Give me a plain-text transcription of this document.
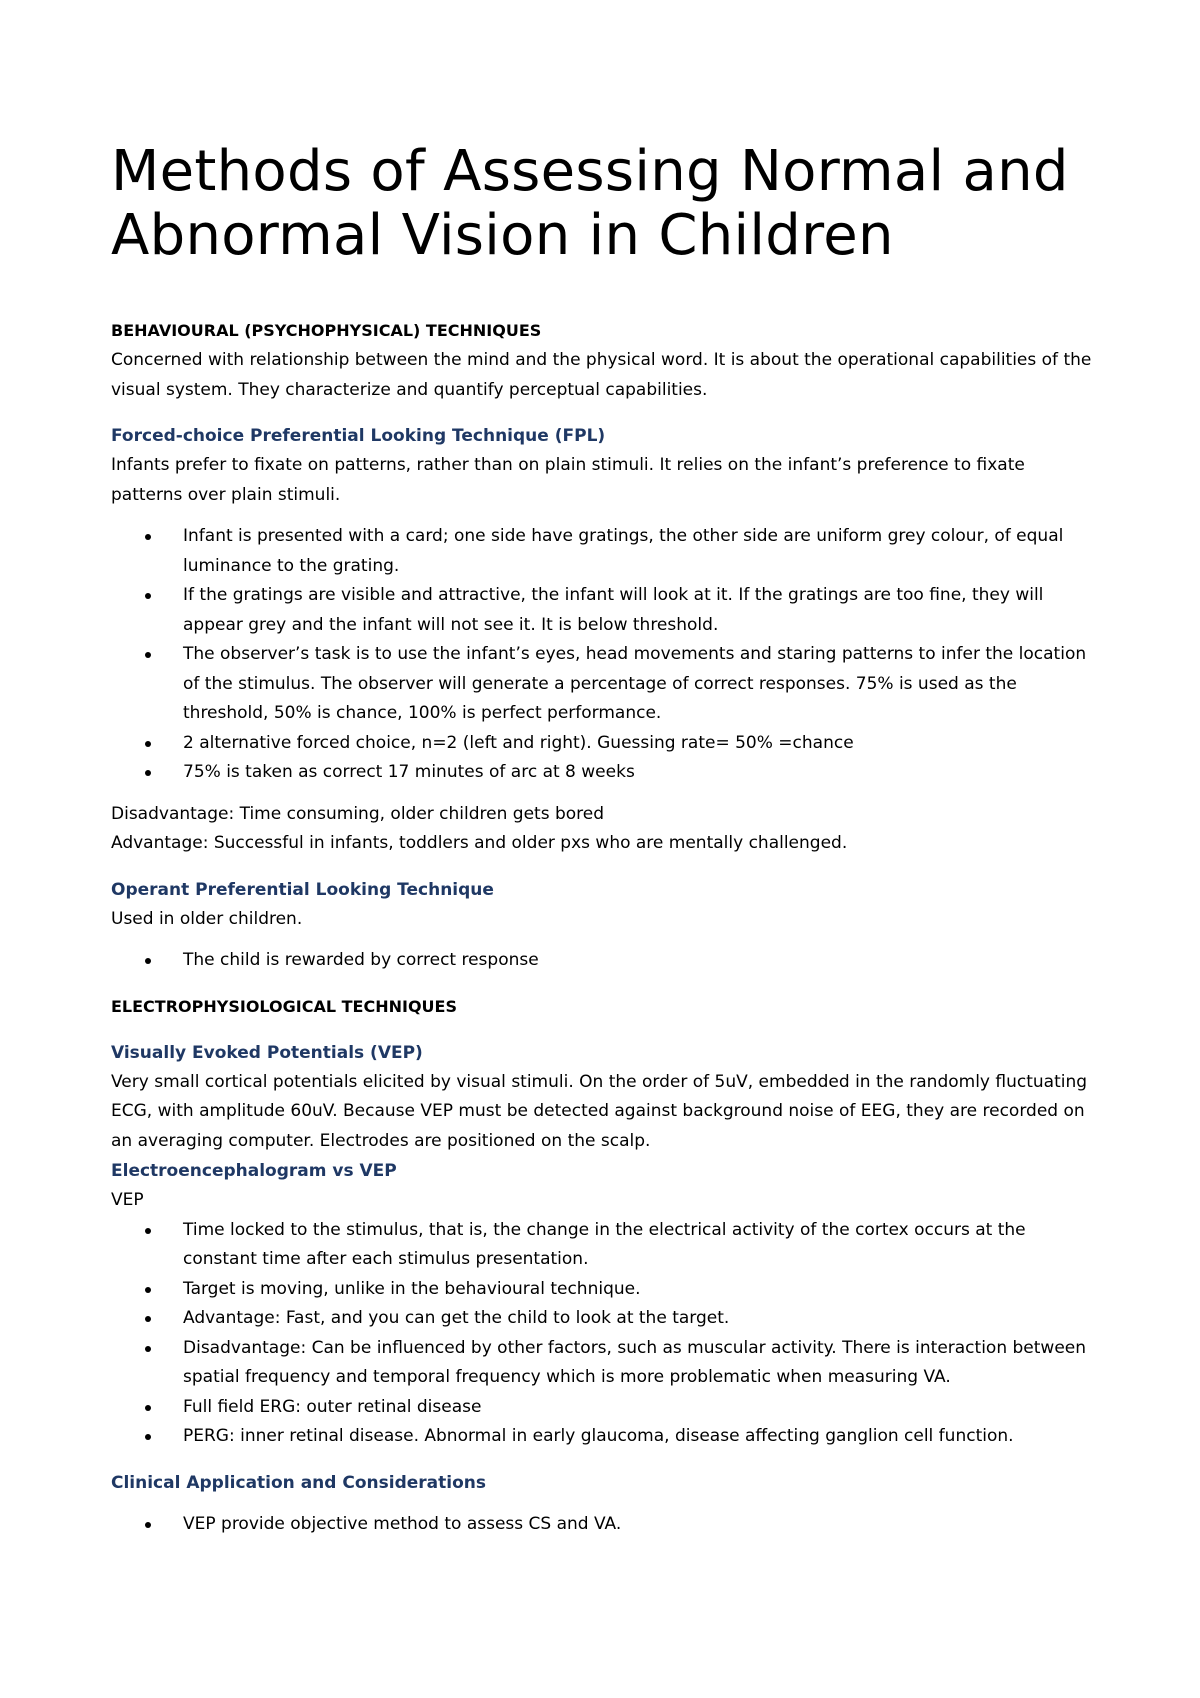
Methods of Assessing Normal and
Abnormal Vision in Children
BEHAVIOURAL (PSYCHOPHYSICAL) TECHNIQUES

Concerned with relationship between the mind and the physical word. It is about the operational capabilities of the visual system. They characterize and quantify perceptual capabilities.

Forced-choice Preferential Looking Technique (FPL)

Infants prefer to fixate on patterns, rather than on plain stimuli. It relies on the infant’s preference to fixate patterns over plain stimuli.

Infant is presented with a card; one side have gratings, the other side are uniform grey colour, of equal luminance to the grating.
If the gratings are visible and attractive, the infant will look at it. If the gratings are too fine, they will appear grey and the infant will not see it. It is below threshold.
The observer’s task is to use the infant’s eyes, head movements and staring patterns to infer the location of the stimulus. The observer will generate a percentage of correct responses. 75% is used as the threshold, 50% is chance, 100% is perfect performance.
2 alternative forced choice, n=2 (left and right). Guessing rate= 50% =chance
75% is taken as correct 17 minutes of arc at 8 weeks

Disadvantage: Time consuming, older children gets bored

Advantage: Successful in infants, toddlers and older pxs who are mentally challenged.

Operant Preferential Looking Technique

Used in older children.

The child is rewarded by correct response
ELECTROPHYSIOLOGICAL TECHNIQUES
Visually Evoked Potentials (VEP)

Very small cortical potentials elicited by visual stimuli. On the order of 5uV, embedded in the randomly fluctuating ECG, with amplitude 60uV. Because VEP must be detected against background noise of EEG, they are recorded on an averaging computer. Electrodes are positioned on the scalp.

Electroencephalogram vs VEP

VEP

Time locked to the stimulus, that is, the change in the electrical activity of the cortex occurs at the constant time after each stimulus presentation.
Target is moving, unlike in the behavioural technique.
Advantage: Fast, and you can get the child to look at the target.
Disadvantage: Can be influenced by other factors, such as muscular activity. There is interaction between spatial frequency and temporal frequency which is more problematic when measuring VA.
Full field ERG: outer retinal disease
PERG: inner retinal disease. Abnormal in early glaucoma, disease affecting ganglion cell function.
Clinical Application and Considerations
VEP provide objective method to assess CS and VA.
